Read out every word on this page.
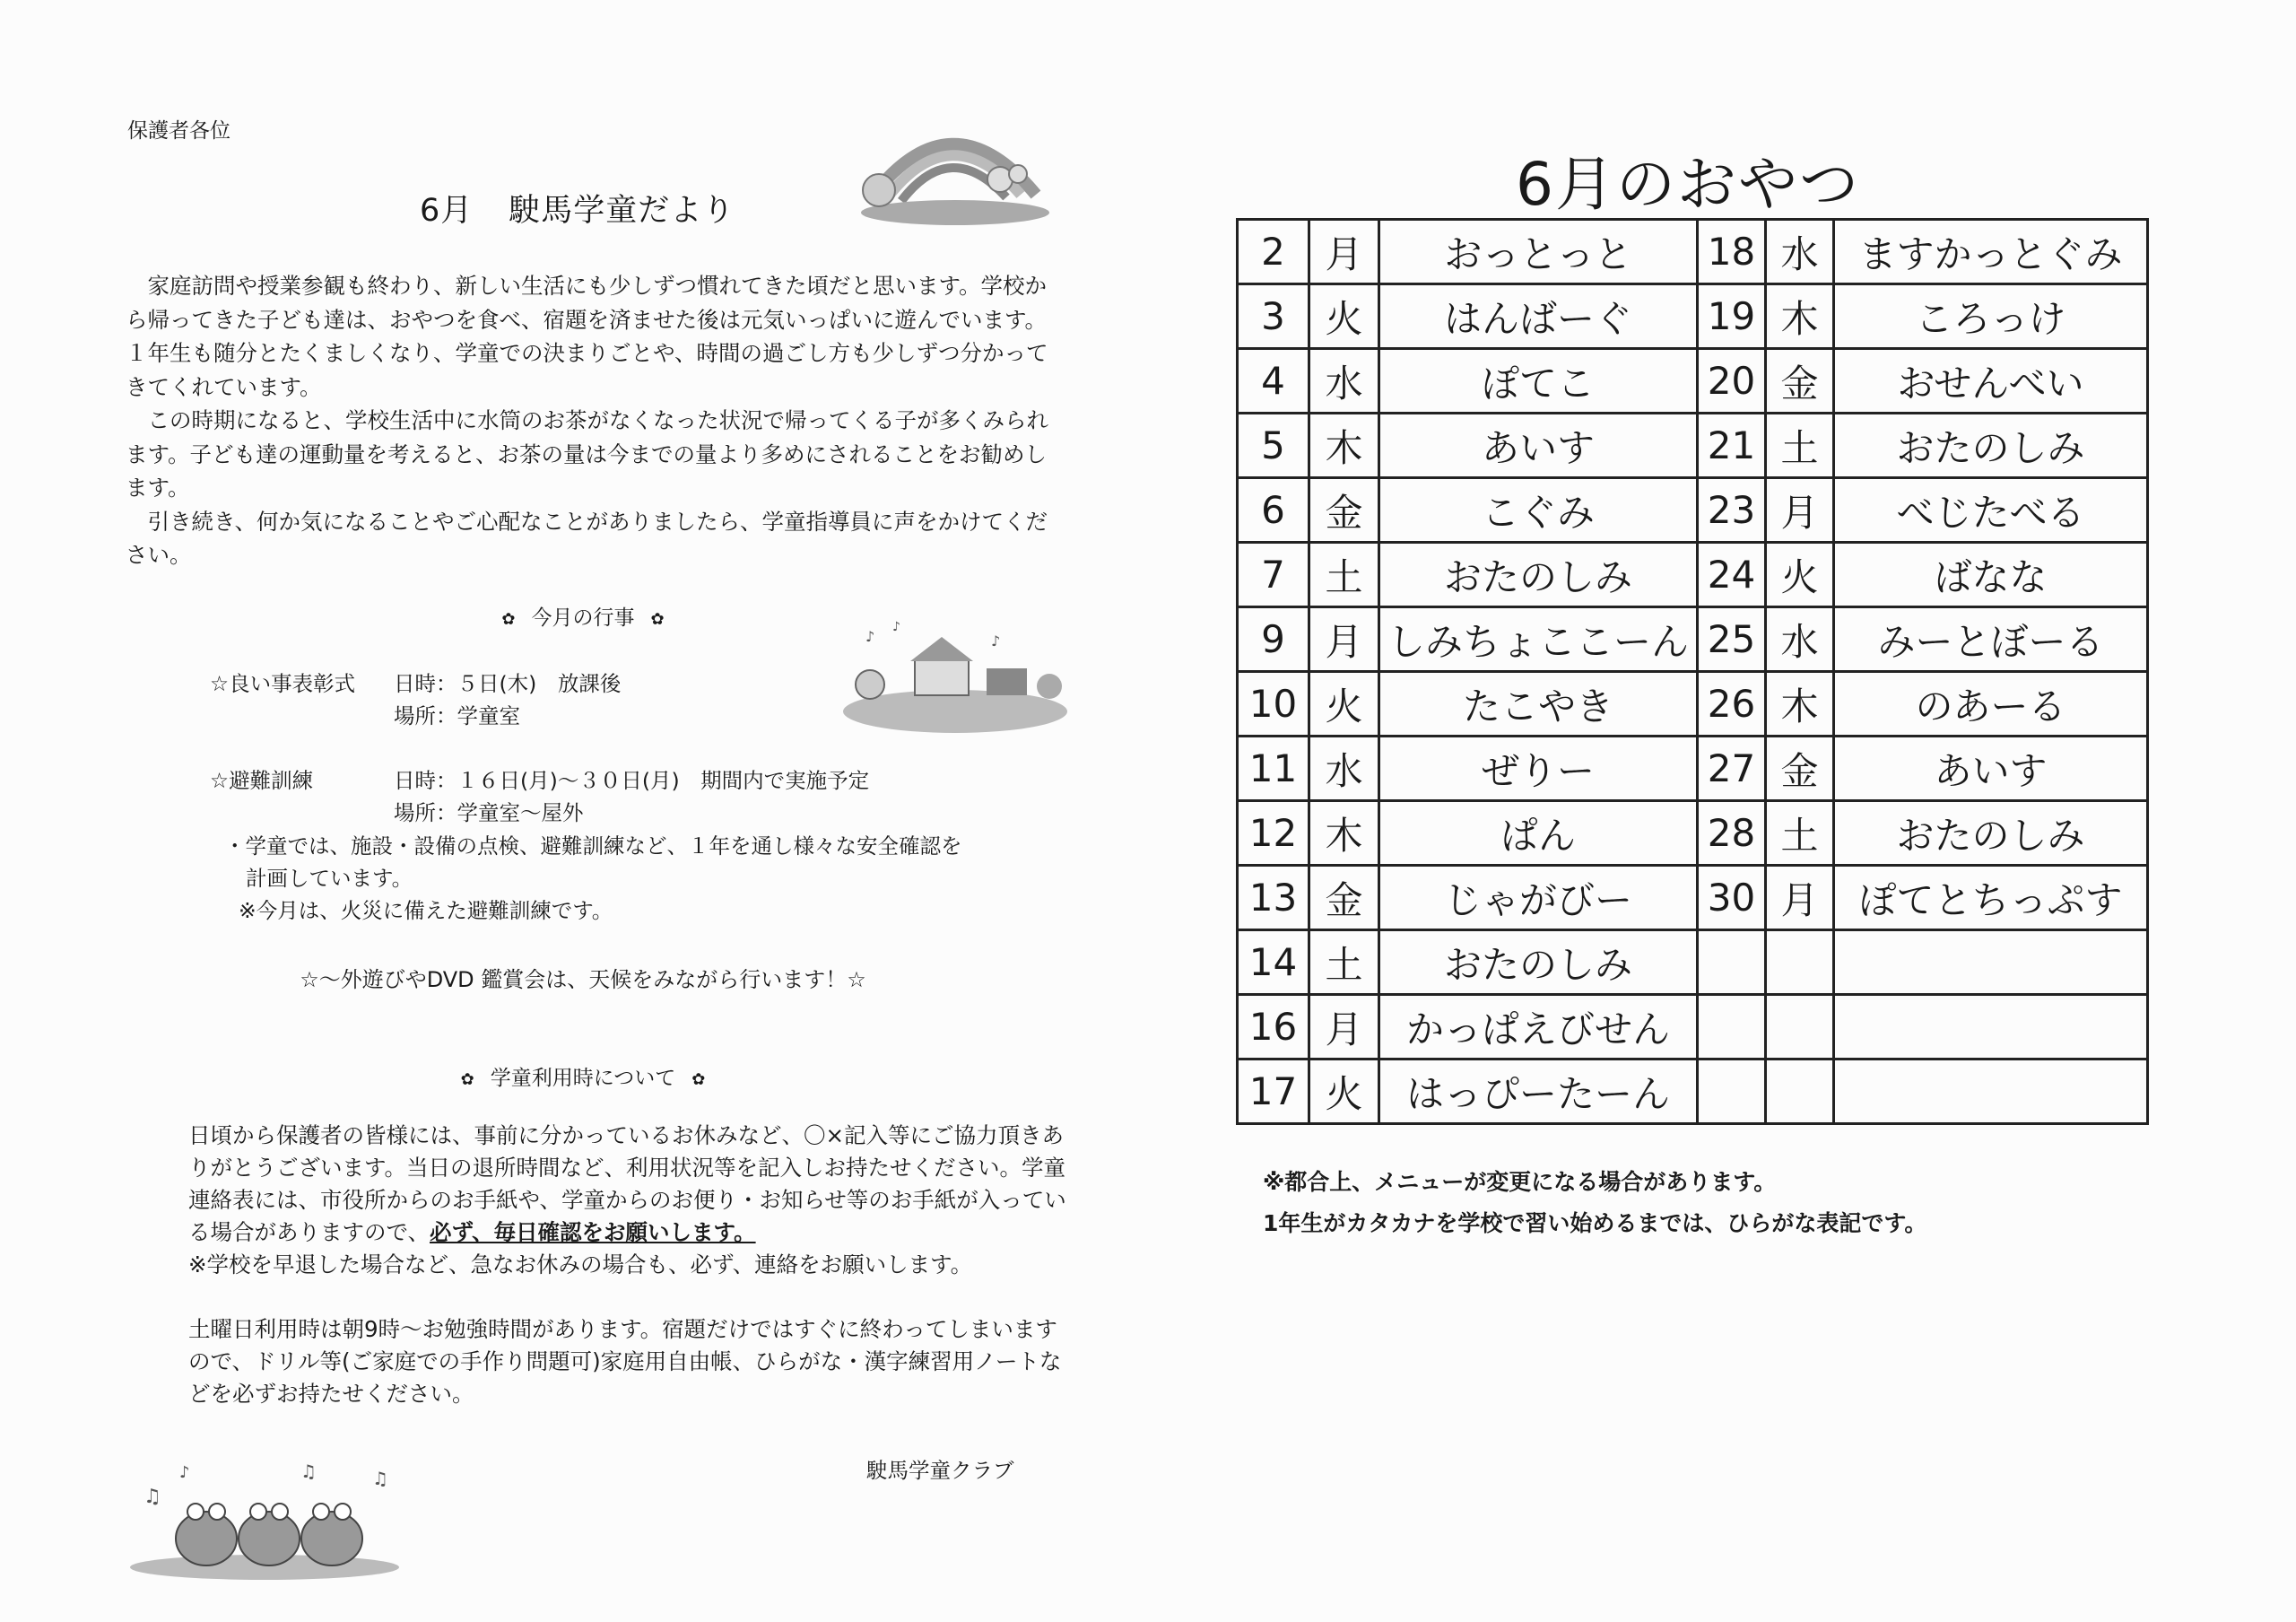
保護者各位
6月 駛馬学童だより

家庭訪問や授業参観も終わり、新しい生活にも少しずつ慣れてきた頃だと思います。学校から帰ってきた子ども達は、おやつを食べ、宿題を済ませた後は元気いっぱいに遊んでいます。１年生も随分とたくましくなり、学童での決まりごとや、時間の過ごし方も少しずつ分かってきてくれています。

この時期になると、学校生活中に水筒のお茶がなくなった状況で帰ってくる子が多くみられます。子ども達の運動量を考えると、お茶の量は今までの量より多めにされることをお勧めします。

引き続き、何か気になることやご心配なことがありましたら、学童指導員に声をかけてください。

✿ 今月の行事 ✿
♪
♪
♪
☆良い事表彰式 日時：５日(木)　放課後
場所：学童室
☆避難訓練	日時：１６日(月)～３０日(月)　期間内で実施予定
場所：学童室～屋外
・学童では、施設・設備の点検、避難訓練など、１年を通し様々な安全確認を
計画しています。
※今月は、火災に備えた避難訓練です。
☆～外遊びやDVD 鑑賞会は、天候をみながら行います！☆
✿ 学童利用時について ✿

日頃から保護者の皆様には、事前に分かっているお休みなど、〇×記入等にご協力頂きありがとうございます。当日の退所時間など、利用状況等を記入しお持たせください。学童連絡表には、市役所からのお手紙や、学童からのお便り・お知らせ等のお手紙が入っている場合がありますので、必ず、毎日確認をお願いします。
※学校を早退した場合など、急なお休みの場合も、必ず、連絡をお願いします。

土曜日利用時は朝9時～お勉強時間があります。宿題だけではすぐに終わってしまいますので、ドリル等(ご家庭での手作り問題可)家庭用自由帳、ひらがな・漢字練習用ノートなどを必ずお持たせください。

駛馬学童クラブ
♫
♪	♫	♫
6月のおやつ
2	月	おっとっと	18	水	ますかっとぐみ
3	火	はんばーぐ	19	木	ころっけ
4	水	ぽてこ	20	金	おせんべい
5	木	あいす	21	土	おたのしみ
6	金	こぐみ	23	月	べじたべる
7	土	おたのしみ	24	火	ばなな
9	月	しみちょここーん	25	水	みーとぼーる
10	火	たこやき	26	木	のあーる
11	水	ぜりー	27	金	あいす
12	木	ぱん	28	土	おたのしみ
13	金	じゃがびー	30	月	ぽてとちっぷす
14	土	おたのしみ			
16	月	かっぱえびせん			
17	火	はっぴーたーん			
※都合上、メニューが変更になる場合があります。
1年生がカタカナを学校で習い始めるまでは、ひらがな表記です。
